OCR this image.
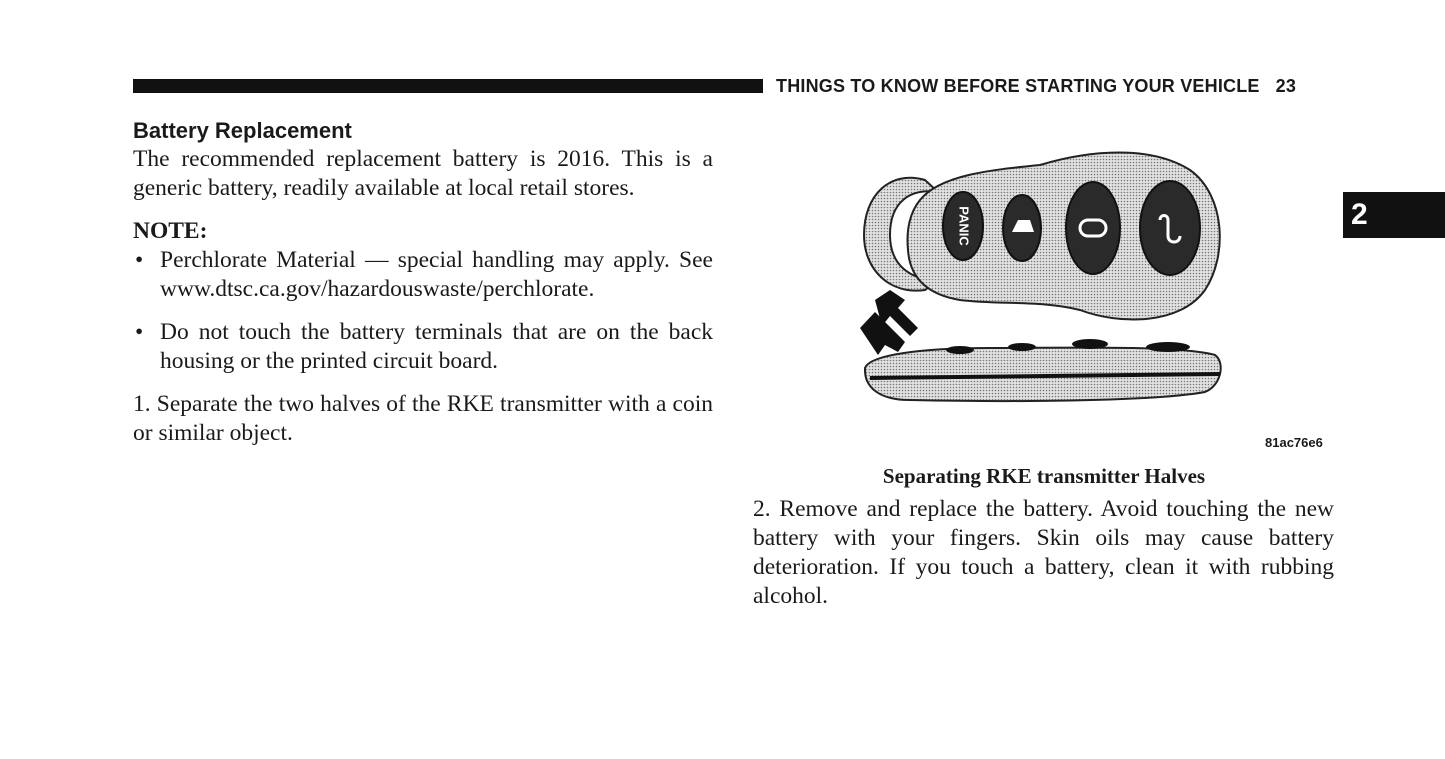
THINGS TO KNOW BEFORE STARTING YOUR VEHICLE 23
2

Battery Replacement

The recommended replacement battery is 2016. This is a generic battery, readily available at local retail stores.

NOTE:

• Perchlorate Material — special handling may apply. See www.dtsc.ca.gov/hazardouswaste/perchlorate.
• Do not touch the battery terminals that are on the back housing or the printed circuit board.

1. Separate the two halves of the RKE transmitter with a coin or similar object.

PANIC
81ac76e6
Separating RKE transmitter Halves

2. Remove and replace the battery. Avoid touching the new battery with your fingers. Skin oils may cause battery deterioration. If you touch a battery, clean it with rubbing alcohol.
